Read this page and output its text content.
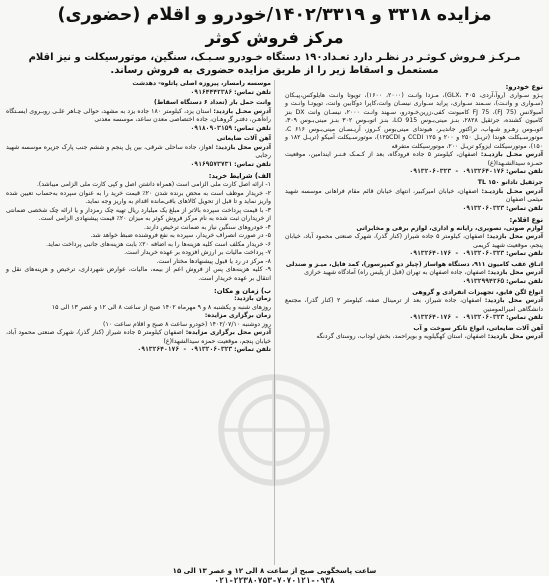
مزایده ۳۳۱۸ و ۱۴۰۲/۳۳۱۹/خودرو و اقلام (حضوری)
مرکز فروش کوثر
مـرکـز فـروش کـوثـر در نظـر دارد تعـداد۱۹۰ دستگاه خـودرو سـبـک، سنگین، موتورسیکلت و نیز اقلام مستعمل و اسقاط زیر را از طریق مزایده حضوری به فروش رساند.
نوع خودرو:
پـژو سـواری (روآ،آردی، GLX، ۴۰۵)، مـزدا وانـت (۲۰۰۰، ۱۶۰۰)، تویوتا وانـت هایلوکس،پیـکان (سـواری و وانـت)، سـمند سـواری، پراید سـواری نیسـان وانت،کاپرا دوکابین وانت، تویوتـا وانـت و آمبولانس (FJ 75)، FJ 75 کامیونت کفی،زرین‌خـودرو، سـهند وانـت ۲۰۰۰، نیسـان وانت DX بنز کامیون کشنده، جرثقیل ۲۸۲۸، بنـز مینی‌بـوس LO 915، بنـز اتوبـوس ۳۰۲ بنـز مینی‌بـوس ۳۰۹، اتوبـوس رهـرو شـهاب، تراکتور جاندیـر، هیوندای مینی‌بوس کـروز، آریـسـان مینی‌بـوس ۶۱۶ C، موتورسـیکلت هوندا (تریـل ۲۵۰ و ۲۰۰ و CCDI ۱۲۵ و ۱۲۵CDI)، موتورسـیکلت آمیکو (تریـل ۱۸۲ و ۱۵۰)، موتورسیکلت ایزوکو تریـل ۲۰۰، موتورسیکلت متفرقه
آدرس محـل بازدیـد: اصفهان، کیلومتر ۵ جاده فرودگاه، بعد از کـمـک فـنـر ایندامین، موقعیت حمـزه سیدالشـهدا(ع)
تلفن تماس: ۰۹۱۳۲۶۴۰۱۷۶ - ۰۹۱۳۲۰۶۰۳۲۳
جرثقیل تادانو TL ۱۵۰
آدرس محـل بازدیـد: اصفهان، خیابان امیرکبیر، انتهای خیابان قائم مقام فراهانی موسسه شهید میثمی اصفهان
تلفن تماس: ۰۹۱۳۲۰۶۰۳۲۳
نوع اقلام:
لوازم صوتی، تصویری، رایانه و اداری، لوازم برقی و مخابراتی
آدرس محل بازدید: اصفهان، کیلومتر ۵ جاده شیراز (کنار گذر)، شهرک صنعتی محمود آباد، خیابان پنجم، موقعیت شهید کریمی
تلفن تماس: ۰۹۱۳۲۰۶۰۳۲۳ - ۰۹۱۳۲۶۴۰۱۷۶
اتـاق عقب کامیون ۹۱۱، دستگاه هواساز (چیلر دو کمپرسور)، کمد فایل، میـز و صندلی
آدرس محل بازدید: اصفهان، جاده اصفهان به تهران (قبل از پلیس راه) آمادگاه شهید خرازی
تلفن تماس: ۰۹۱۳۲۹۹۴۲۶۵
انواع لگن قایق، تجهیزات انفرادی و گروهی
آدرس محل بازدید: اصفهان، جاده شیراز، بعد از ترمینال صفه، کیلومتر ۲ (کنار گذر)، مجتمع دانشگاهی امیرالمومنین
تلفن تماس: ۰۹۱۳۲۰۶۰۳۲۳ - ۰۹۱۳۲۶۴۰۱۷۶
آهن آلات ضایعاتی، انواع تانکر سوخت و آب
آدرس محل بازدید: اصفهان، استان کهگیلویه و بویراحمد، بخش لوداب، روستای گردنگه
موسسه رامسار، پیروزه اصلی پاتلوه- دهدشت
تلفن تماس: ۰۹۱۶۴۴۴۲۳۸۶
وانت حمل بار (تعداد ۶ دستگاه اسقاط)
آدرس محـل بازدید: استان یزد، کیلومتر ۱۸۰ جاده یزد به مشهد، حوالی چـاهر علـی روبـروی ایسـتگاه راه‌آهـن، دفتـر گروهـان، جاده اختصاصی معدن ساعد، موسسه معدنی
تلفن تماس: ۰۹۱۸۰۹۰۳۱۵۹
آهن آلات ضایعاتی
آدرس محل بازدید: اهواز، جاده ساحلی شرقی، بین پل پنجم و ششم جنب پارک جزیره موسسه شهید رجایی
تلفن تماس: ۰۹۱۶۹۵۷۳۷۳۱
الف) شرایط خرید:
۱- ارائه اصل کارت ملی الزامی است (همراه داشتن اصل و کپی کارت ملی الزامی میباشد).
۲- خریدار موظف است به محض برنده شدن ۲۰٪ قیمت خرید را به عنوان سپرده به‌حساب تعیین شده واریز نماید و تا قبل از تحویل کالاهای باقی‌مانده اقدام به واریز وجه نماید.
۳- با قیمت پرداخت سپرده بالاتر از مبلغ یک میلیارد ریال تهیه چک رمزدار و یا ارائه چک شخصی ضمانتی از خریداران ثبت شده به نام مرکز فروش کوثر به میزان ۲۰٪ قیمت پیشنهادی الزامی است.
۴- خودروهای سنگین نیاز به ضمانت ترخیص دارند.
۵- در صورت انصراف خریدار، سپرده به نفع فروشنده ضبط خواهد شد.
۶- خریدار مکلف است کلیه هزینه‌ها را به اضافه ۲۰٪ بابت هزینه‌های جانبی پرداخت نماید.
۷- پرداخت مالیات بر ارزش افزوده بر عهده خریدار است.
۸- مرکز در رد یا قبول پیشنهادها مختار است.
۹- کلیه هزینه‌های پس از فروش اعم از بیمه، مالیات، عوارض شهرداری، ترخیص و هزینه‌های نقل و انتقال بر عهده خریدار است.
ب) زمان و مکان:
زمان بازدید:
روزهای شنبه و یکشنبه ۸ و ۹ مهرماه ۱۴۰۲ صبح از ساعت ۸ الی ۱۲ و عصر ۱۳ الی ۱۵
زمان برگزاری مزایده:
روز دوشنبه ۱۴۰۲/۰۷/۱۰ (خودرو ساعت ۸ صبح و اقلام ساعت ۱۰)
آدرس محل برگزاری مزایده: اصفهان کیلومتر ۵ جاده شیراز (کنار گذر)، شهرک صنعتی محمود آباد، خیابان پنجم، موقعیت حمزه سیدالشهدا(ع)
تلفن تماس: ۰۹۱۳۲۰۶۰۳۲۳ - ۰۹۱۳۲۶۴۰۱۷۶
ساعت پاسخگویی صبح از ساعت ۸ الی ۱۲ و عصر ۱۳ الی ۱۵
۰۲۱-۲۲۳۸۰۷۵۳-۷۰۷۰۱۲۱-۰۹۳۸
